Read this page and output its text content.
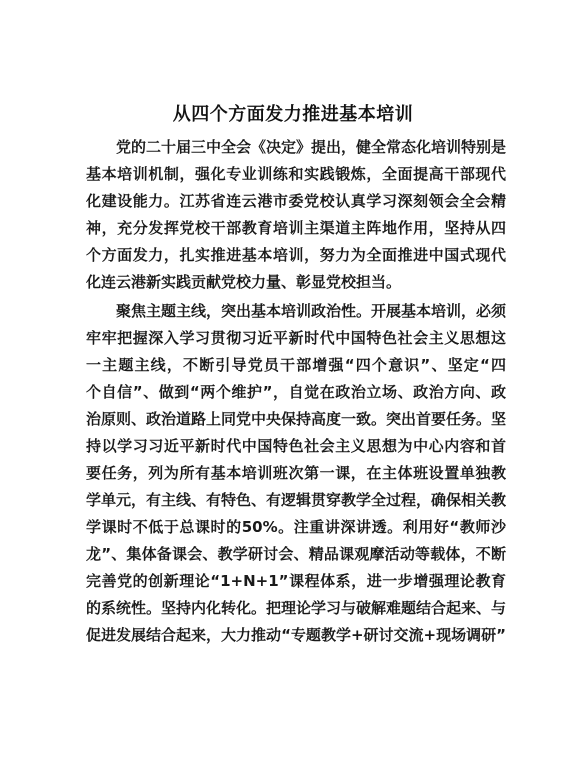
从四个方面发力推进基本培训
党的二十届三中全会《决定》提出，健全常态化培训特别是
基本培训机制，强化专业训练和实践锻炼，全面提高干部现代
化建设能力。江苏省连云港市委党校认真学习深刻领会全会精
神，充分发挥党校干部教育培训主渠道主阵地作用，坚持从四
个方面发力，扎实推进基本培训，努力为全面推进中国式现代
化连云港新实践贡献党校力量、彰显党校担当。
聚焦主题主线，突出基本培训政治性。开展基本培训，必须
牢牢把握深入学习贯彻习近平新时代中国特色社会主义思想这
一主题主线，不断引导党员干部增强“四个意识”、坚定“四
个自信”、做到“两个维护”，自觉在政治立场、政治方向、政
治原则、政治道路上同党中央保持高度一致。突出首要任务。坚
持以学习习近平新时代中国特色社会主义思想为中心内容和首
要任务，列为所有基本培训班次第一课，在主体班设置单独教
学单元，有主线、有特色、有逻辑贯穿教学全过程，确保相关教
学课时不低于总课时的50%。注重讲深讲透。利用好“教师沙
龙”、集体备课会、教学研讨会、精品课观摩活动等载体，不断
完善党的创新理论“1+N+1”课程体系，进一步增强理论教育
的系统性。坚持内化转化。把理论学习与破解难题结合起来、与
促进发展结合起来，大力推动“专题教学+研讨交流+现场调研”
